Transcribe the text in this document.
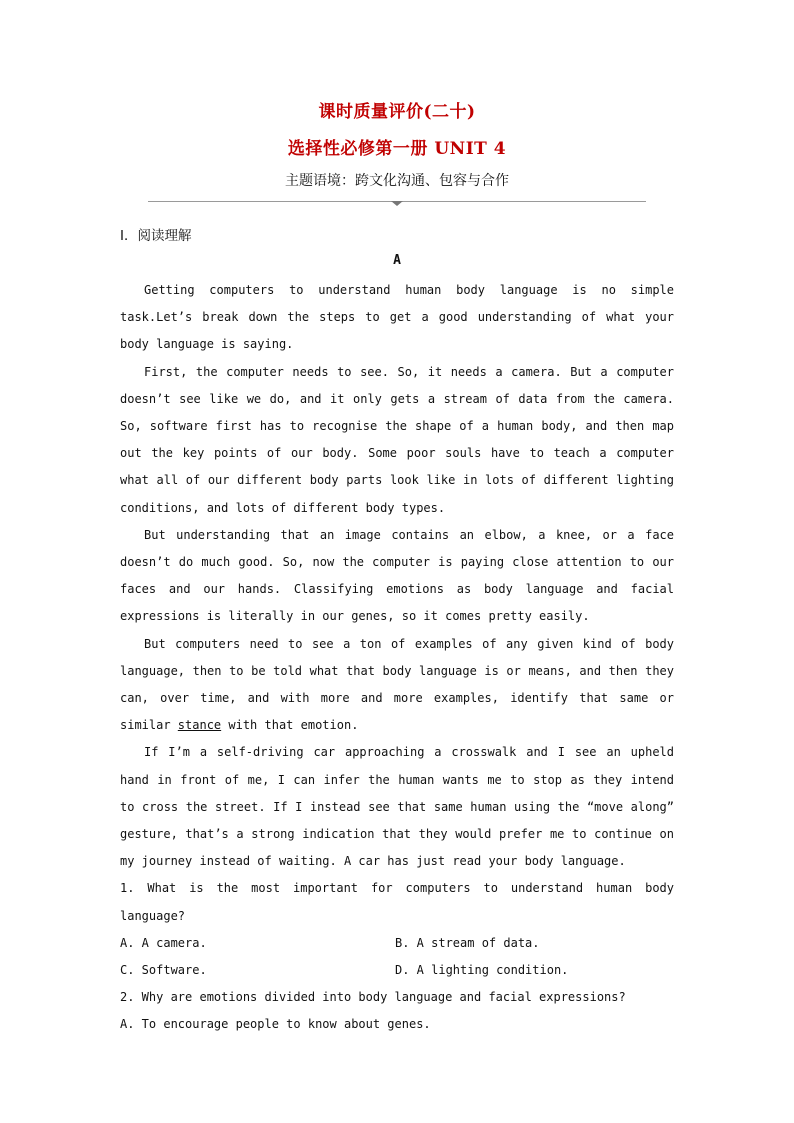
课时质量评价(二十)
选择性必修第一册 UNIT 4
主题语境：跨文化沟通、包容与合作
Ⅰ．阅读理解
A

Getting computers to understand human body language is no simple task.Let’s break down the steps to get a good understanding of what your body language is saying.

First, the computer needs to see. So, it needs a camera. But a computer doesn’t see like we do, and it only gets a stream of data from the camera. So, software first has to recognise the shape of a human body, and then map out the key points of our body. Some poor souls have to teach a computer what all of our different body parts look like in lots of different lighting conditions, and lots of different body types.

But understanding that an image contains an elbow, a knee, or a face doesn’t do much good. So, now the computer is paying close attention to our faces and our hands. Classifying emotions as body language and facial expressions is literally in our genes, so it comes pretty easily.

But computers need to see a ton of examples of any given kind of body language, then to be told what that body language is or means, and then they can, over time, and with more and more examples, identify that same or similar stance with that emotion.

If I’m a self-driving car approaching a crosswalk and I see an upheld hand in front of me, I can infer the human wants me to stop as they intend to cross the street. If I instead see that same human using the “move along” gesture, that’s a strong indication that they would prefer me to continue on my journey instead of waiting. A car has just read your body language.

1. What is the most important for computers to understand human body language?
A. A camera.	B. A stream of data.
C. Software.	D. A lighting condition.
2. Why are emotions divided into body language and facial expressions?
A. To encourage people to know about genes.
